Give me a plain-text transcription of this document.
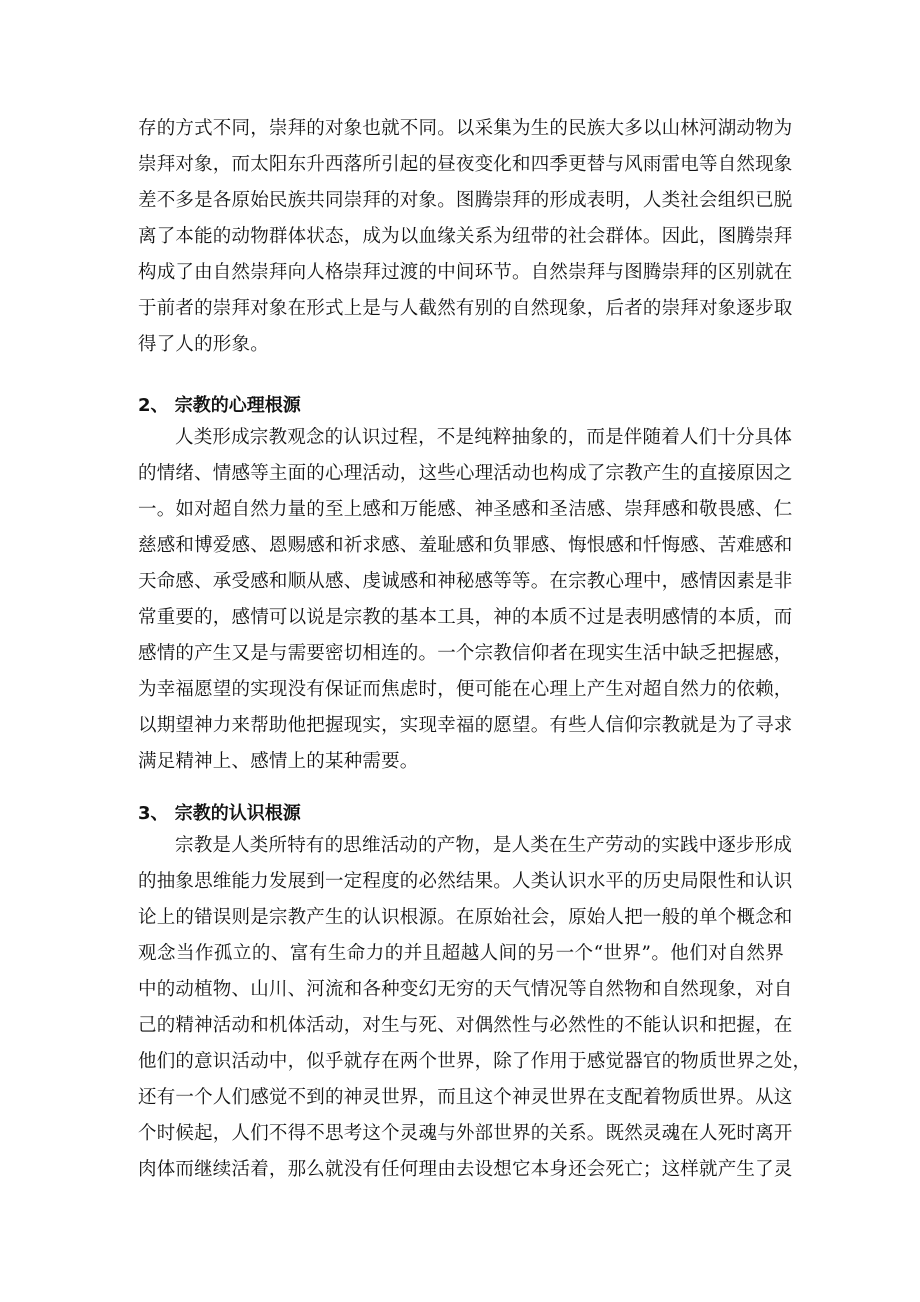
存的方式不同，崇拜的对象也就不同。以采集为生的民族大多以山林河湖动物为
崇拜对象，而太阳东升西落所引起的昼夜变化和四季更替与风雨雷电等自然现象
差不多是各原始民族共同崇拜的对象。图腾崇拜的形成表明，人类社会组织已脱
离了本能的动物群体状态，成为以血缘关系为纽带的社会群体。因此，图腾崇拜
构成了由自然崇拜向人格崇拜过渡的中间环节。自然崇拜与图腾崇拜的区别就在
于前者的崇拜对象在形式上是与人截然有别的自然现象，后者的崇拜对象逐步取
得了人的形象。
2、 宗教的心理根源
人类形成宗教观念的认识过程，不是纯粹抽象的，而是伴随着人们十分具体
的情绪、情感等主面的心理活动，这些心理活动也构成了宗教产生的直接原因之
一。如对超自然力量的至上感和万能感、神圣感和圣洁感、崇拜感和敬畏感、仁
慈感和博爱感、恩赐感和祈求感、羞耻感和负罪感、悔恨感和忏悔感、苦难感和
天命感、承受感和顺从感、虔诚感和神秘感等等。在宗教心理中，感情因素是非
常重要的，感情可以说是宗教的基本工具，神的本质不过是表明感情的本质，而
感情的产生又是与需要密切相连的。一个宗教信仰者在现实生活中缺乏把握感，
为幸福愿望的实现没有保证而焦虑时，便可能在心理上产生对超自然力的依赖，
以期望神力来帮助他把握现实，实现幸福的愿望。有些人信仰宗教就是为了寻求
满足精神上、感情上的某种需要。
3、 宗教的认识根源
宗教是人类所特有的思维活动的产物，是人类在生产劳动的实践中逐步形成
的抽象思维能力发展到一定程度的必然结果。人类认识水平的历史局限性和认识
论上的错误则是宗教产生的认识根源。在原始社会，原始人把一般的单个概念和
观念当作孤立的、富有生命力的并且超越人间的另一个“世界”。他们对自然界
中的动植物、山川、河流和各种变幻无穷的天气情况等自然物和自然现象，对自
己的精神活动和机体活动，对生与死、对偶然性与必然性的不能认识和把握，在
他们的意识活动中，似乎就存在两个世界，除了作用于感觉器官的物质世界之处，
还有一个人们感觉不到的神灵世界，而且这个神灵世界在支配着物质世界。从这
个时候起，人们不得不思考这个灵魂与外部世界的关系。既然灵魂在人死时离开
肉体而继续活着，那么就没有任何理由去设想它本身还会死亡；这样就产生了灵
